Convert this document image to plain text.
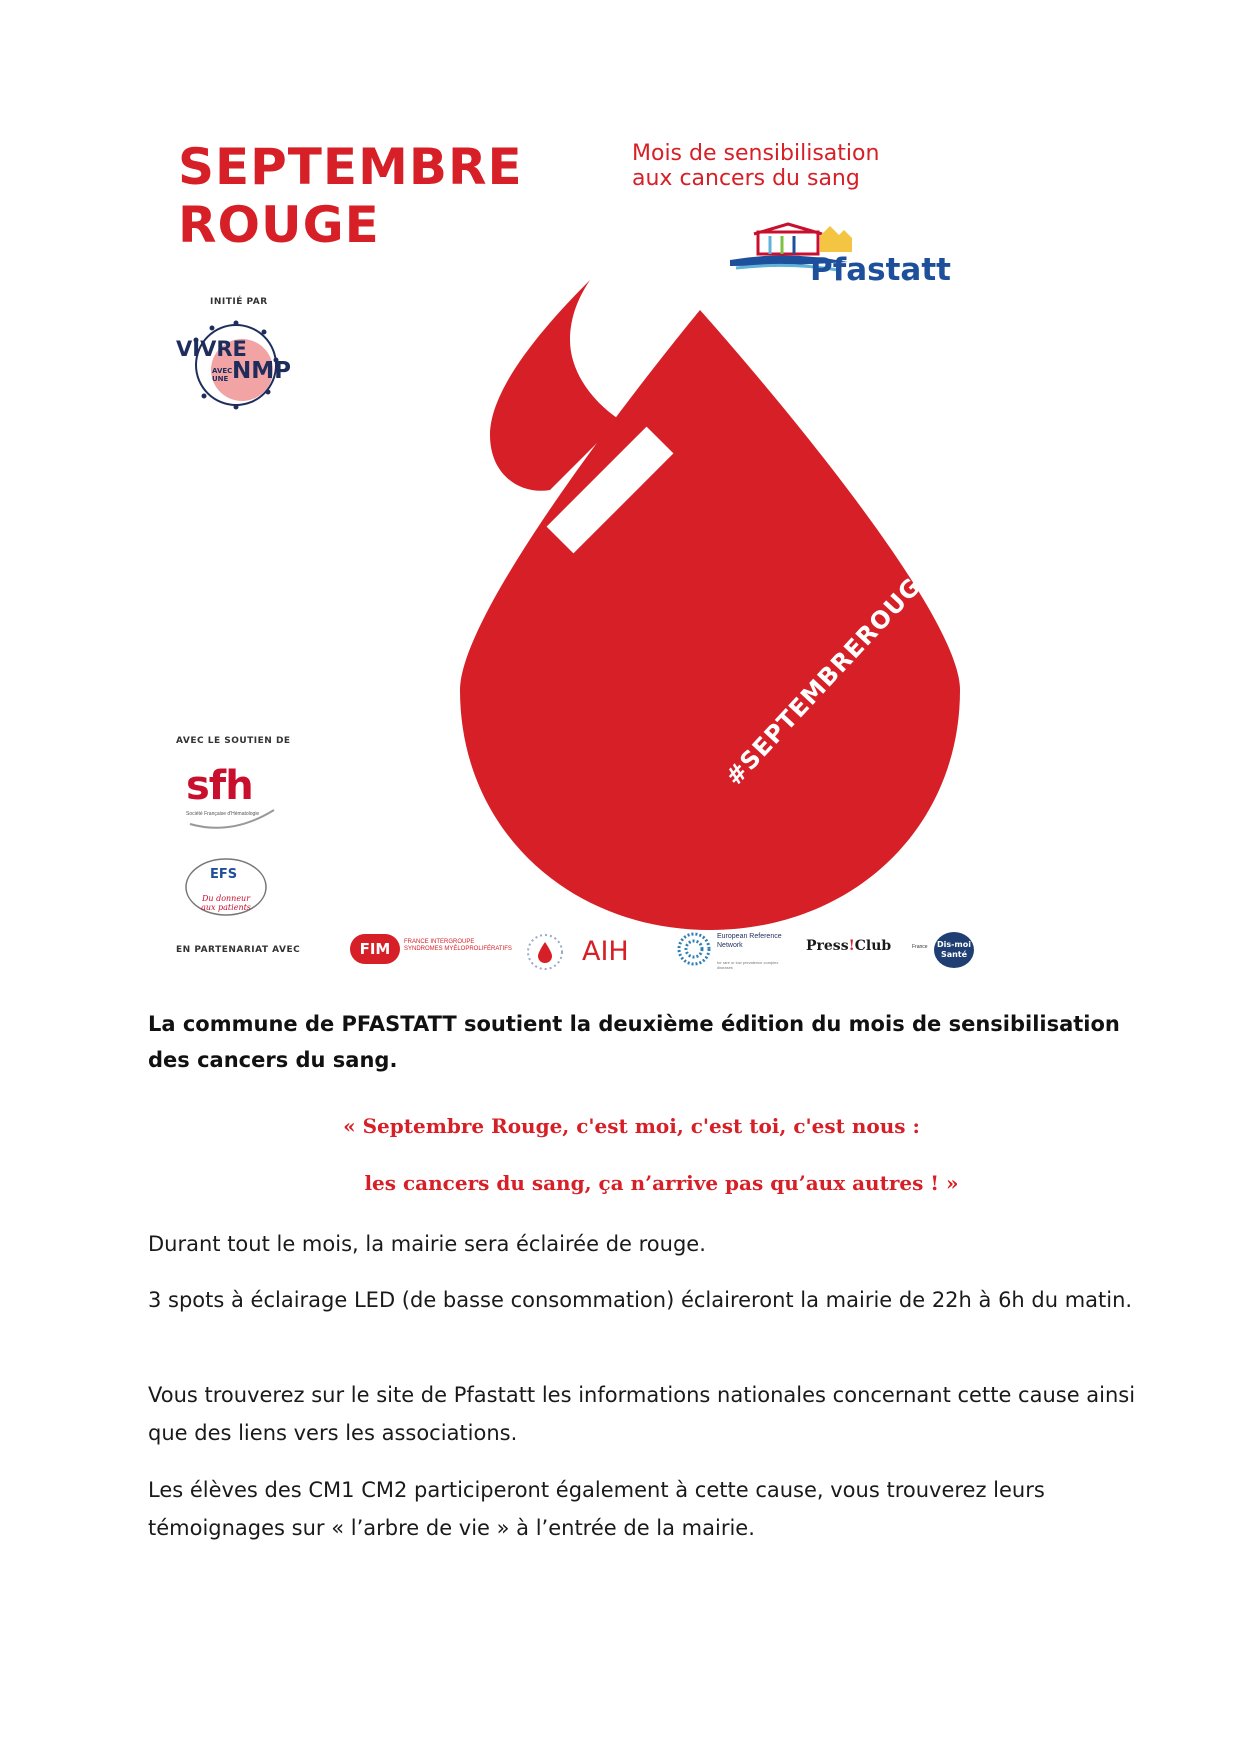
SEPTEMBRE
ROUGE
Mois de sensibilisation
aux cancers du sang
Pfastatt
INITIÉ PAR
VIVRE
AVEC
UNE NMP
#SEPTEMBREROUGE
AVEC LE SOUTIEN DE
sfh
Société Française d'Hématologie
EFS
Du donneur aux patients
EN PARTENARIAT AVEC	FIM	FRANCE INTERGROUPE SYNDROMES MYÉLOPROLIFÉRATIFS	AIH	European Reference Network
for rare or low prevalence complex diseases
Press!Club	France	Dis-moi
Santé

La commune de PFASTATT soutient la deuxième édition du mois de sensibilisation des cancers du sang.

« Septembre Rouge, c'est moi, c'est toi, c'est nous :

les cancers du sang, ça n’arrive pas qu’aux autres ! »

Durant tout le mois, la mairie sera éclairée de rouge.

3 spots à éclairage LED (de basse consommation) éclaireront la mairie de 22h à 6h du matin.

Vous trouverez sur le site de Pfastatt les informations nationales concernant cette cause ainsi que des liens vers les associations.

Les élèves des CM1 CM2 participeront également à cette cause, vous trouverez leurs témoignages sur « l’arbre de vie » à l’entrée de la mairie.
